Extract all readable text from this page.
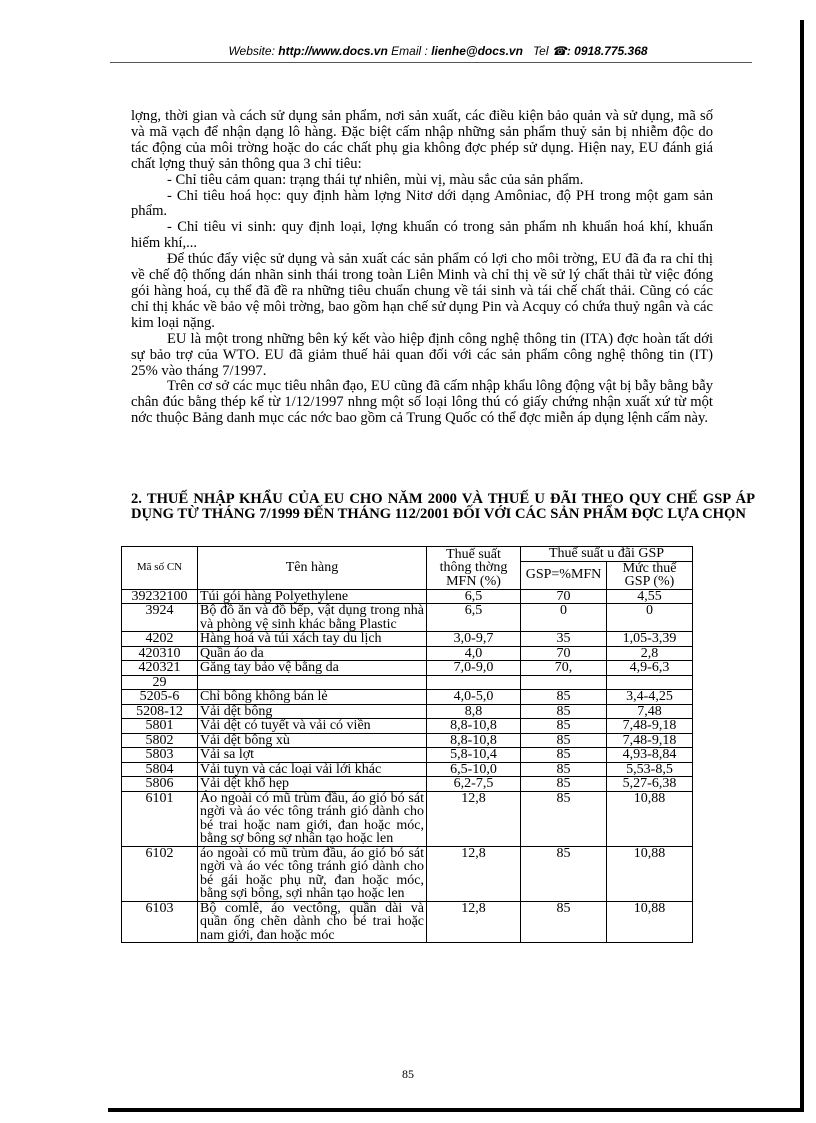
Website: http://www.docs.vn Email : lienhe@docs.vn Tel ☎: 0918.775.368

lợng, thời gian và cách sử dụng sản phẩm, nơi sản xuất, các điều kiện bảo quản và sử dụng, mã số và mã vạch để nhận dạng lô hàng. Đặc biệt cấm nhập những sản phẩm thuỷ sản bị nhiễm độc do tác động của môi trờng hoặc do các chất phụ gia không đợc phép sử dụng. Hiện nay, EU đánh giá chất lợng thuỷ sản thông qua 3 chỉ tiêu:

- Chỉ tiêu cảm quan: trạng thái tự nhiên, mùi vị, màu sắc của sản phẩm.

- Chỉ tiêu hoá học: quy định hàm lợng Nitơ dới dạng Amôniac, độ PH trong một gam sản phẩm.

- Chỉ tiêu vi sinh: quy định loại, lợng khuẩn có trong sản phẩm nh khuẩn hoá khí, khuẩn hiếm khí,...

Để thúc đẩy việc sử dụng và sản xuất các sản phẩm có lợi cho môi trờng, EU đã đa ra chỉ thị về chế độ thống dán nhãn sinh thái trong toàn Liên Minh và chỉ thị về sử lý chất thải từ việc đóng gói hàng hoá, cụ thể đã đề ra những tiêu chuẩn chung về tái sinh và tái chế chất thải. Cũng có các chỉ thị khác về bảo vệ môi trờng, bao gồm hạn chế sử dụng Pin và Acquy có chứa thuỷ ngân và các kim loại nặng.

EU là một trong những bên ký kết vào hiệp định công nghệ thông tin (ITA) đợc hoàn tất dới sự bảo trợ của WTO. EU đã giảm thuế hải quan đối với các sản phẩm công nghệ thông tin (IT) 25% vào tháng 7/1997.

Trên cơ sở các mục tiêu nhân đạo, EU cũng đã cấm nhập khẩu lông động vật bị bẫy bằng bẫy chân đúc bằng thép kể từ 1/12/1997 nhng một số loại lông thú có giấy chứng nhận xuất xứ từ một nớc thuộc Bảng danh mục các nớc bao gồm cả Trung Quốc có thể đợc miễn áp dụng lệnh cấm này.

2. THUẾ NHẬP KHẨU CỦA EU CHO NĂM 2000 VÀ THUẾ U ĐÃI THEO QUY CHẾ GSP ÁP DỤNG TỪ THÁNG 7/1999 ĐẾN THÁNG 112/2001 ĐỐI VỚI CÁC SẢN PHẨM ĐỢC LỰA CHỌN
Mã số CN	Tên hàng	Thuế suất thông thờng MFN (%)	Thuế suất u đãi GSP	
			GSP=%MFN	Mức thuế GSP (%)
39232100	Túi gói hàng Polyethylene	6,5	70	4,55
3924	Bộ đồ ăn và đồ bếp, vật dụng trong nhà và phòng vệ sinh khác bằng Plastic	6,5	0	0
4202	Hàng hoá và túi xách tay du lịch	3,0-9,7	35	1,05-3,39
420310	Quần áo da	4,0	70	2,8
420321	Găng tay bảo vệ bằng da	7,0-9,0	70,	4,9-6,3
29				
5205-6	Chỉ bông không bán lẻ	4,0-5,0	85	3,4-4,25
5208-12	Vải dệt bông	8,8	85	7,48
5801	Vải dệt có tuyết và vải có viền	8,8-10,8	85	7,48-9,18
5802	Vải dệt bông xù	8,8-10,8	85	7,48-9,18
5803	Vải sa lợt	5,8-10,4	85	4,93-8,84
5804	Vải tuyn và các loại vải lới khác	6,5-10,0	85	5,53-8,5
5806	Vải dệt khổ hẹp	6,2-7,5	85	5,27-6,38
6101	Áo ngoài có mũ trùm đầu, áo gió bó sát ngời và áo véc tông tránh gió dành cho bé trai hoặc nam giới, đan hoặc móc, bằng sợ bông sợ nhân tạo hoặc len	12,8	85	10,88
6102	áo ngoài có mũ trùm đầu, áo gió bó sát ngời và áo véc tông tránh gió dành cho bé gái hoặc phụ nữ, đan hoặc móc, bằng sợi bông, sợi nhân tạo hoặc len	12,8	85	10,88
6103	Bộ comlê, áo vectông, quần dài và quần ống chẽn dành cho bé trai hoặc nam giới, đan hoặc móc	12,8	85	10,88
85
